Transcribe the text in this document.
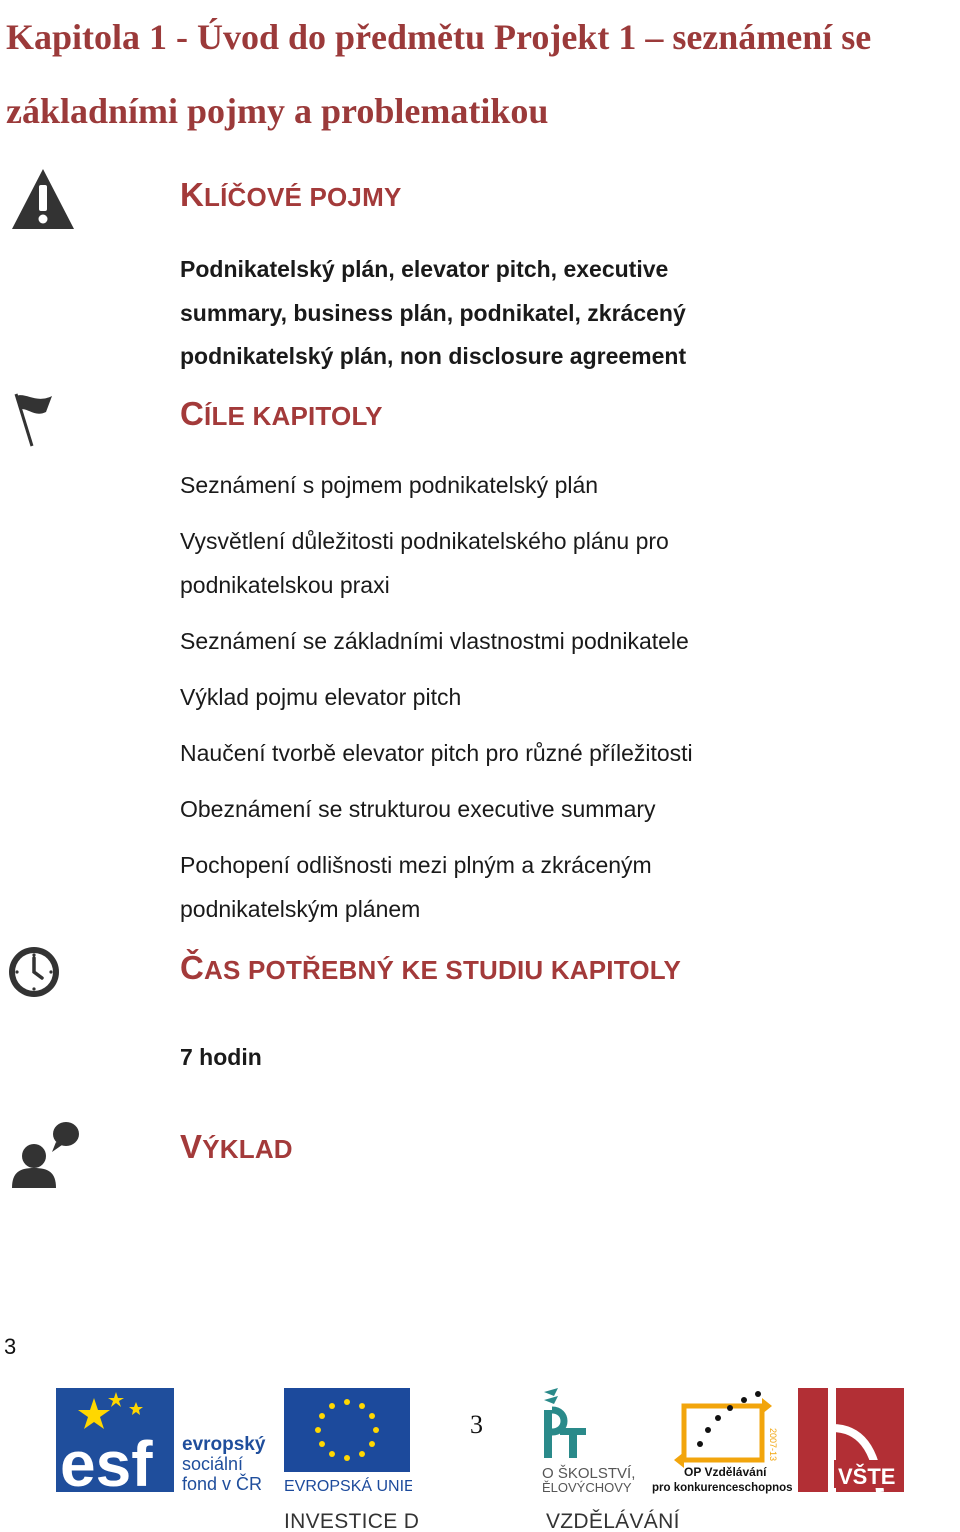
Kapitola 1 - Úvod do předmětu Projekt 1 – seznámení se základními pojmy a problematikou
KLÍČOVÉ POJMY
Podnikatelský plán, elevator pitch, executive summary, business plán, podnikatel, zkrácený podnikatelský plán, non disclosure agreement
CÍLE KAPITOLY
Seznámení s pojmem podnikatelský plán
Vysvětlení důležitosti podnikatelského plánu pro podnikatelskou praxi
Seznámení se základními vlastnostmi podnikatele
Výklad pojmu elevator pitch
Naučení tvorbě elevator pitch pro různé příležitosti
Obeznámení se strukturou executive summary
Pochopení odlišnosti mezi plným a zkráceným podnikatelským plánem
ČAS POTŘEBNÝ KE STUDIU KAPITOLY
7 hodin
VÝKLAD
3
esf evropský
sociální
fond v ČR EVROPSKÁ UNIE
3
O ŠKOLSTVÍ,
ĚLOVÝCHOVY
2007-13
OP Vzdělávání
pro konkurenceschopnost VŠTE
INVESTICE D	VZDĚLÁVÁNÍ
